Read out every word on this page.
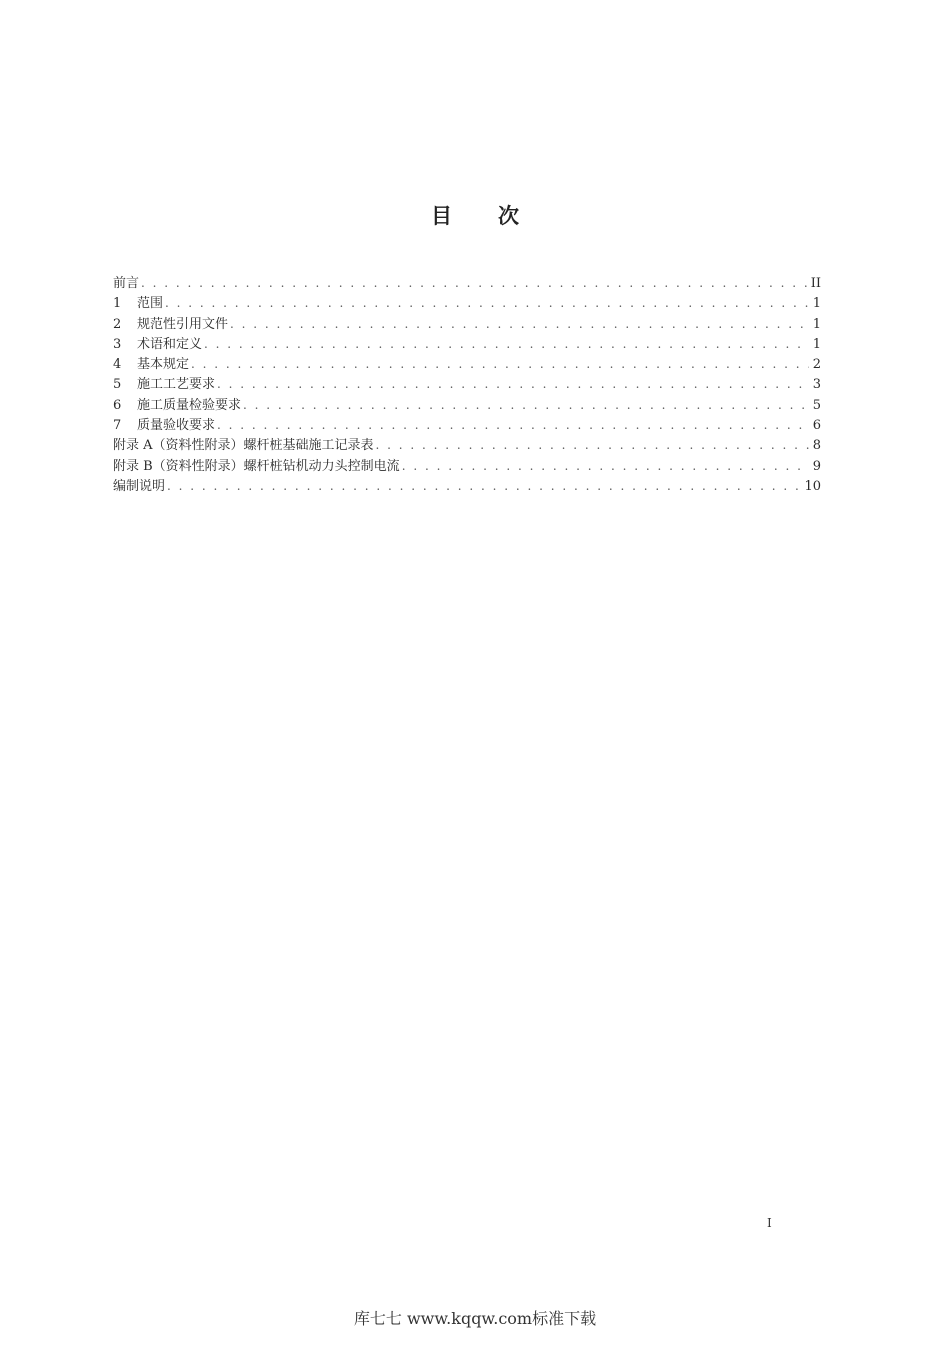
目 次
前言 . . .	II
1	范围 . . .	1
2	规范性引用文件 . . .	1
3	术语和定义 . . .	1
4	基本规定 . . .	2
5	施工工艺要求 . . .	3
6	施工质量检验要求 . . .	5
7	质量验收要求 . . .	6
附录 A（资料性附录）螺杆桩基础施工记录表 . . .	8
附录 B（资料性附录）螺杆桩钻机动力头控制电流 . . .	9
编制说明 . . .	10
I
库七七 www.kqqw.com标准下载
